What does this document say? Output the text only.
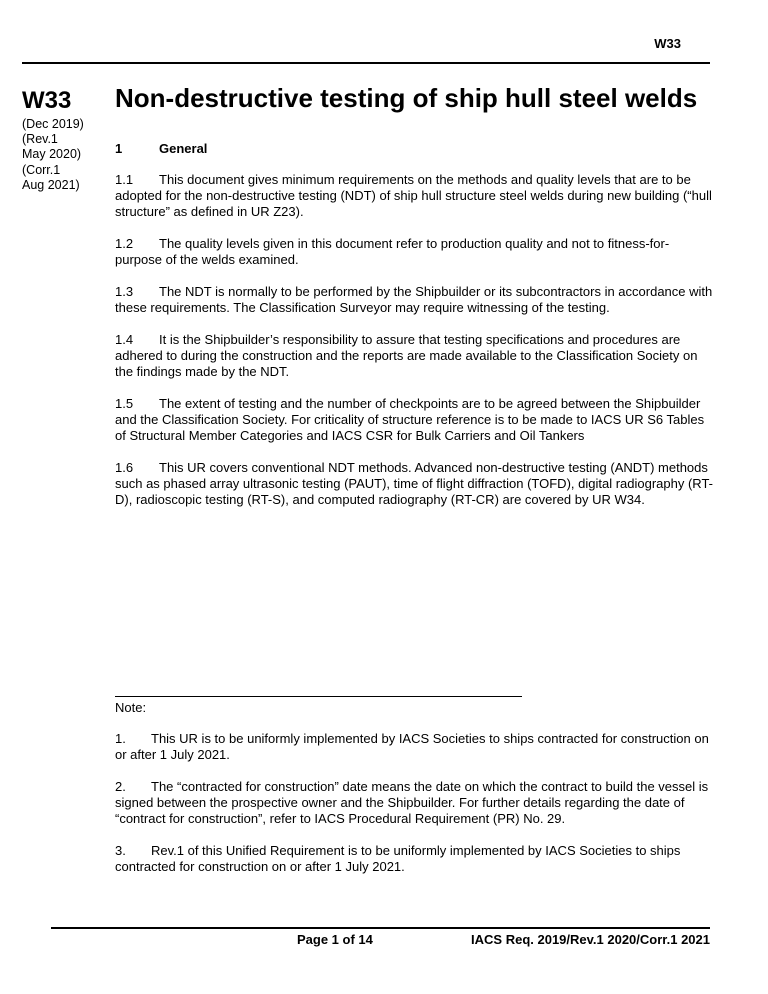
W33
W33
(Dec 2019)
(Rev.1
May 2020)
(Corr.1
Aug 2021)
Non-destructive testing of ship hull steel welds
1	General

1.1 This document gives minimum requirements on the methods and quality levels that are to be adopted for the non-destructive testing (NDT) of ship hull structure steel welds during new building (“hull structure” as defined in UR Z23).

1.2 The quality levels given in this document refer to production quality and not to fitness-for-purpose of the welds examined.

1.3 The NDT is normally to be performed by the Shipbuilder or its subcontractors in accordance with these requirements. The Classification Surveyor may require witnessing of the testing.

1.4 It is the Shipbuilder’s responsibility to assure that testing specifications and procedures are adhered to during the construction and the reports are made available to the Classification Society on the findings made by the NDT.

1.5 The extent of testing and the number of checkpoints are to be agreed between the Shipbuilder and the Classification Society. For criticality of structure reference is to be made to IACS UR S6 Tables of Structural Member Categories and IACS CSR for Bulk Carriers and Oil Tankers

1.6 This UR covers conventional NDT methods. Advanced non-destructive testing (ANDT) methods such as phased array ultrasonic testing (PAUT), time of flight diffraction (TOFD), digital radiography (RT-D), radioscopic testing (RT-S), and computed radiography (RT-CR) are covered by UR W34.

Note:

1. This UR is to be uniformly implemented by IACS Societies to ships contracted for construction on or after 1 July 2021.

2. The “contracted for construction” date means the date on which the contract to build the vessel is signed between the prospective owner and the Shipbuilder. For further details regarding the date of “contract for construction”, refer to IACS Procedural Requirement (PR) No. 29.

3. Rev.1 of this Unified Requirement is to be uniformly implemented by IACS Societies to ships contracted for construction on or after 1 July 2021.

Page 1 of 14	IACS Req. 2019/Rev.1 2020/Corr.1 2021
